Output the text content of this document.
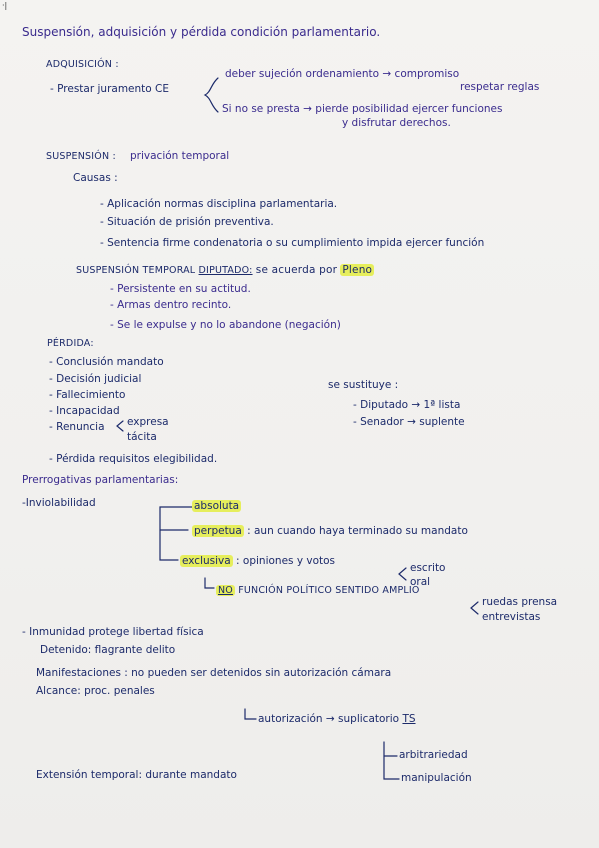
·|
Suspensión, adquisición y pérdida condición parlamentario.
ADQUISICIÓN :
- Prestar juramento CE
deber sujeción ordenamiento → compromiso
respetar reglas
Si no se presta → pierde posibilidad ejercer funciones
y disfrutar derechos.
SUSPENSIÓN : privación temporal
Causas :
- Aplicación normas disciplina parlamentaria.
- Situación de prisión preventiva.
- Sentencia firme condenatoria o su cumplimiento impida ejercer función
SUSPENSIÓN TEMPORAL DIPUTADO: se acuerda por Pleno
- Persistente en su actitud.
- Armas dentro recinto.
- Se le expulse y no lo abandone (negación)
PÉRDIDA:
- Conclusión mandato
- Decisión judicial
- Fallecimiento
- Incapacidad
- Renuncia expresa
tácita
- Pérdida requisitos elegibilidad.
se sustituye :
- Diputado → 1ª lista
- Senador → suplente
Prerrogativas parlamentarias:
-Inviolabilidad	absoluta
perpetua : aun cuando haya terminado su mandato
exclusiva : opiniones y votos
escrito
oral
NO FUNCIÓN POLÍTICO SENTIDO AMPLIO
ruedas prensa
entrevistas
- Inmunidad protege libertad física
Detenido: flagrante delito
Manifestaciones : no pueden ser detenidos sin autorización cámara
Alcance: proc. penales
autorización → suplicatorio TS
arbitrariedad
manipulación
Extensión temporal: durante mandato
